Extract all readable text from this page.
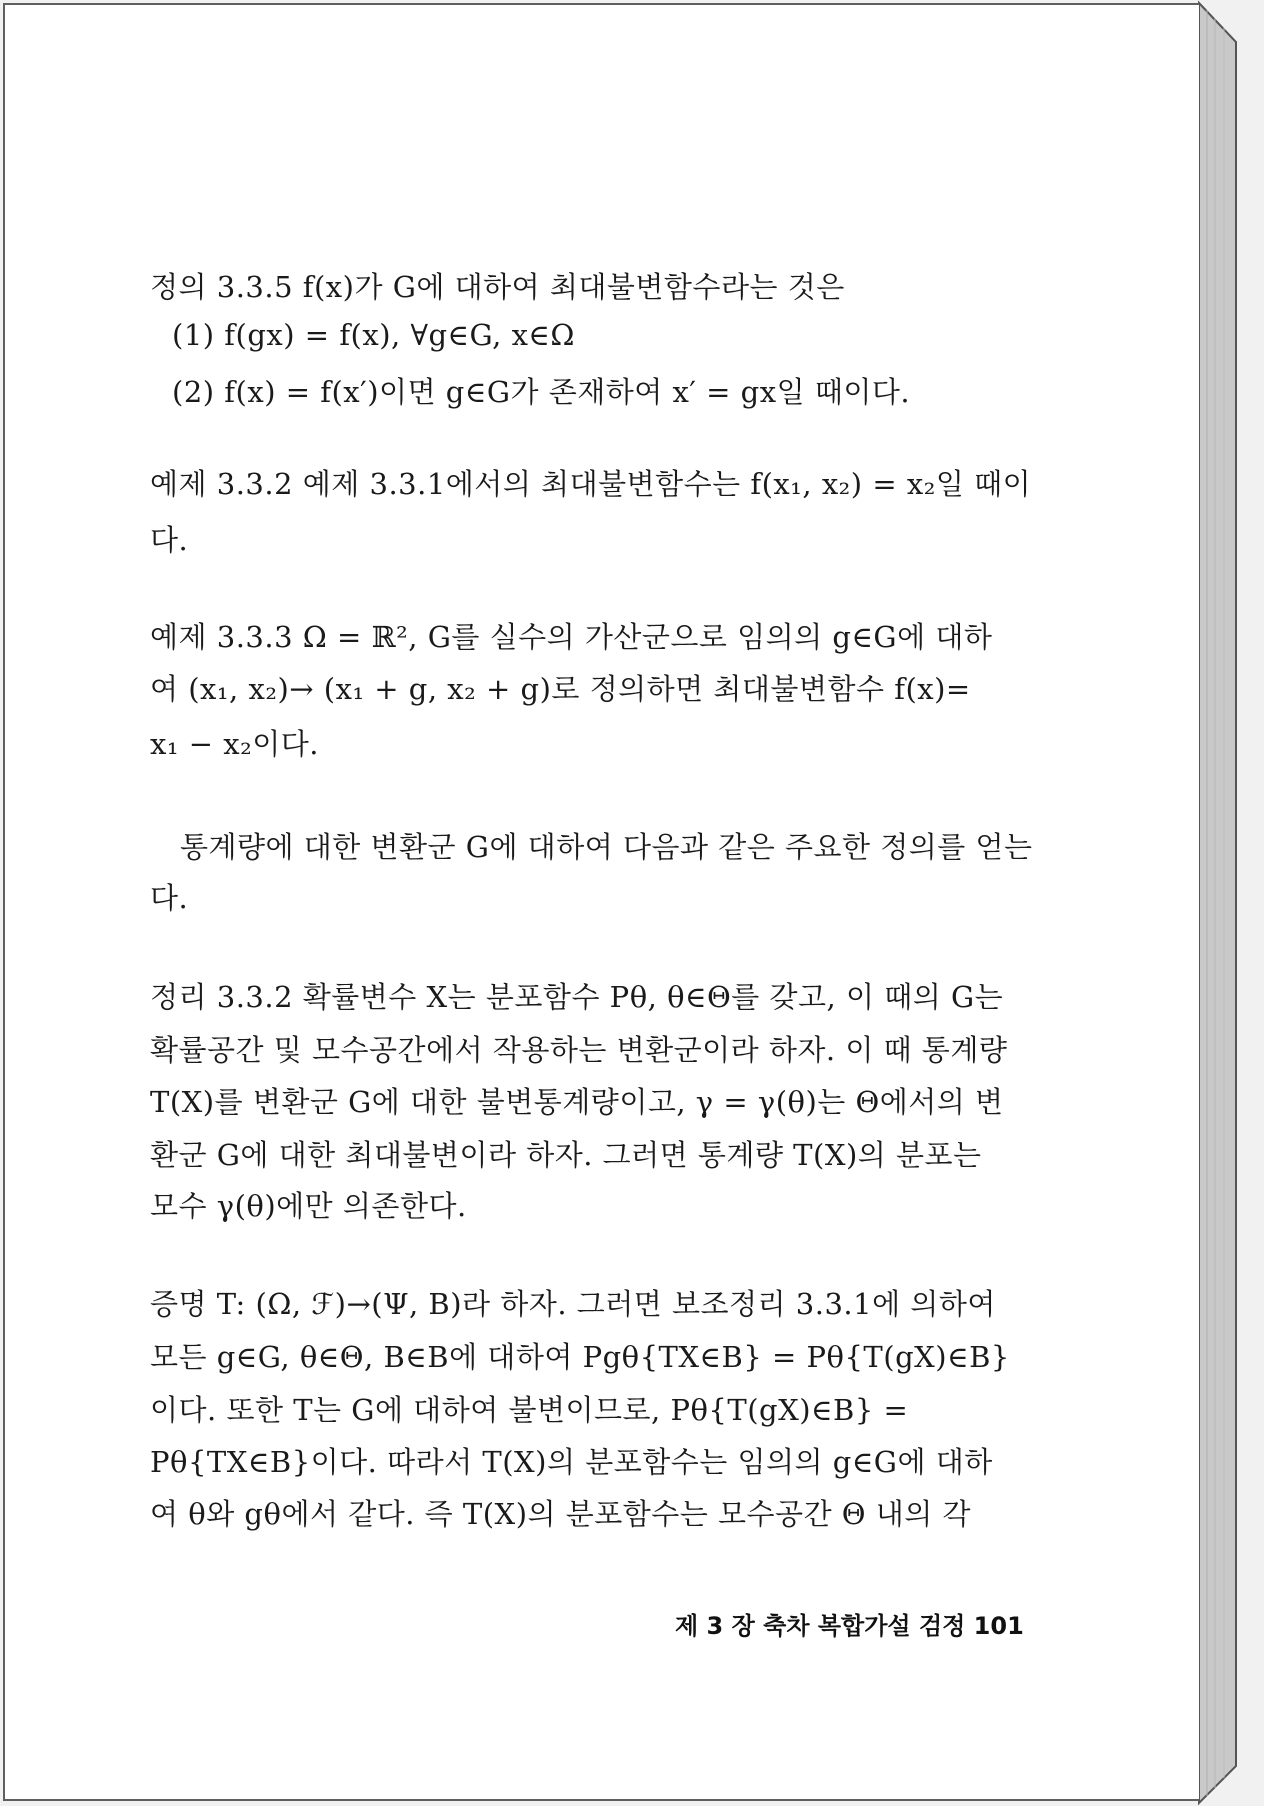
정의 3.3.5 f(x)가 G에 대하여 최대불변함수라는 것은
(1) f(gx) = f(x), ∀g∈G, x∈Ω
(2) f(x) = f(x′)이면 g∈G가 존재하여 x′ = gx일 때이다.
예제 3.3.2 예제 3.3.1에서의 최대불변함수는 f(x₁, x₂) = x₂일 때이
다.
예제 3.3.3 Ω = ℝ², G를 실수의 가산군으로 임의의 g∈G에 대하
여 (x₁, x₂)→ (x₁ + g, x₂ + g)로 정의하면 최대불변함수 f(x)=
x₁ − x₂이다.
통계량에 대한 변환군 G에 대하여 다음과 같은 주요한 정의를 얻는
다.
정리 3.3.2 확률변수 X는 분포함수 Pθ, θ∈Θ를 갖고, 이 때의 G는
확률공간 및 모수공간에서 작용하는 변환군이라 하자. 이 때 통계량
T(X)를 변환군 G에 대한 불변통계량이고, γ = γ(θ)는 Θ에서의 변
환군 G에 대한 최대불변이라 하자. 그러면 통계량 T(X)의 분포는
모수 γ(θ)에만 의존한다.
증명 T: (Ω, ℱ)→(Ψ, B)라 하자. 그러면 보조정리 3.3.1에 의하여
모든 g∈G, θ∈Θ, B∈B에 대하여 Pgθ{TX∈B} = Pθ{T(gX)∈B}
이다. 또한 T는 G에 대하여 불변이므로, Pθ{T(gX)∈B} =
Pθ{TX∈B}이다. 따라서 T(X)의 분포함수는 임의의 g∈G에 대하
여 θ와 gθ에서 같다. 즉 T(X)의 분포함수는 모수공간 Θ 내의 각
제 3 장 축차 복합가설 검정 101
